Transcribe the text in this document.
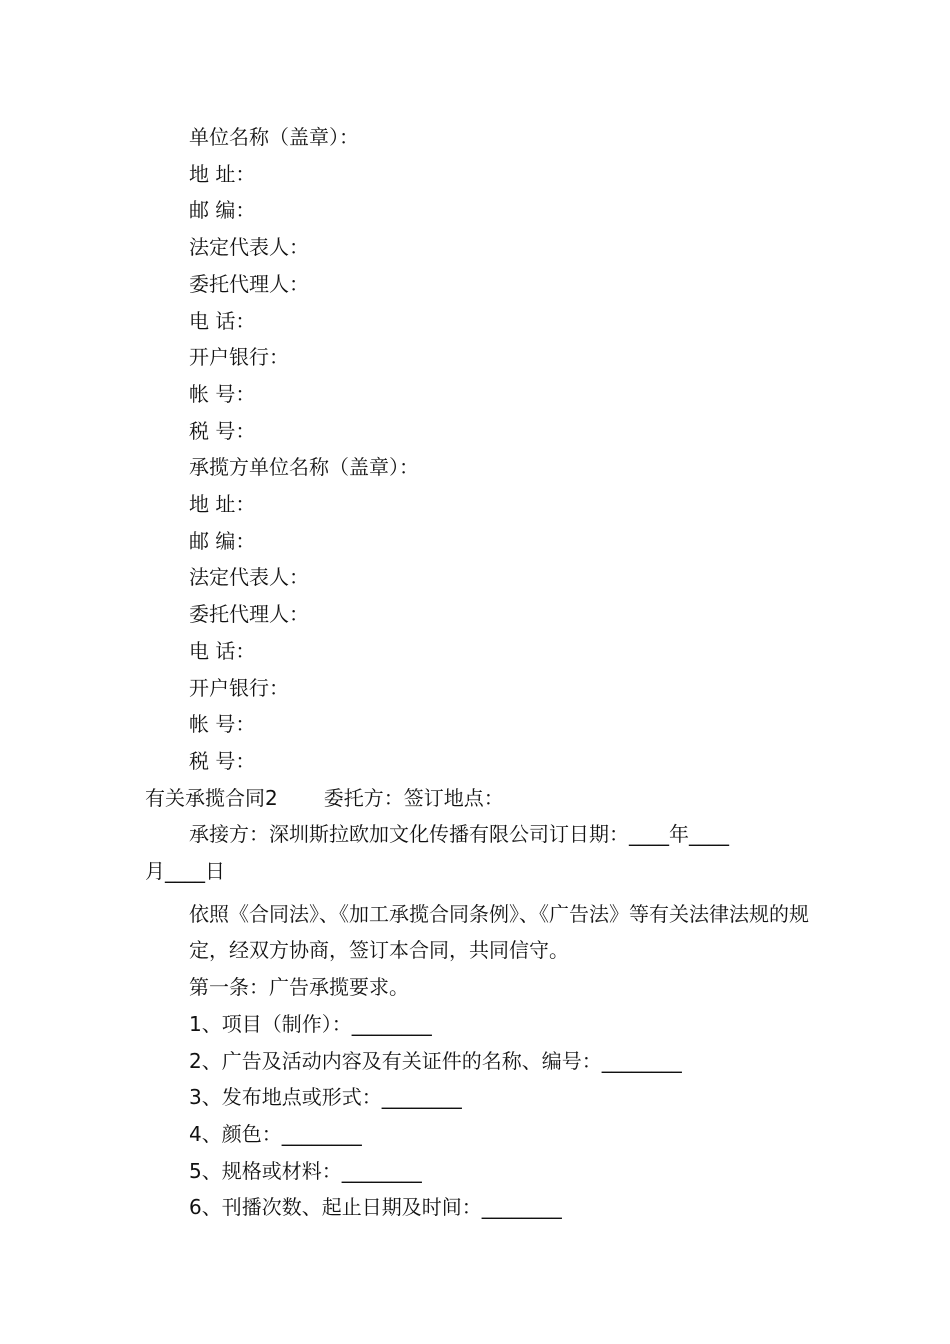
单位名称（盖章）：

地 址：

邮 编：

法定代表人：

委托代理人：

电 话：

开户银行：

帐 号：

税 号：

承揽方单位名称（盖章）：

地 址：

邮 编：

法定代表人：

委托代理人：

电 话：

开户银行：

帐 号：

税 号：

有关承揽合同2 委托方：签订地点：

承接方：深圳斯拉欧加文化传播有限公司订日期：____年____

月____日

依照《合同法》、《加工承揽合同条例》、《广告法》等有关法律法规的规定，经双方协商，签订本合同，共同信守。

第一条：广告承揽要求。

1、项目（制作）：________

2、广告及活动内容及有关证件的名称、编号：________

3、发布地点或形式：________

4、颜色：________

5、规格或材料：________

6、刊播次数、起止日期及时间：________
